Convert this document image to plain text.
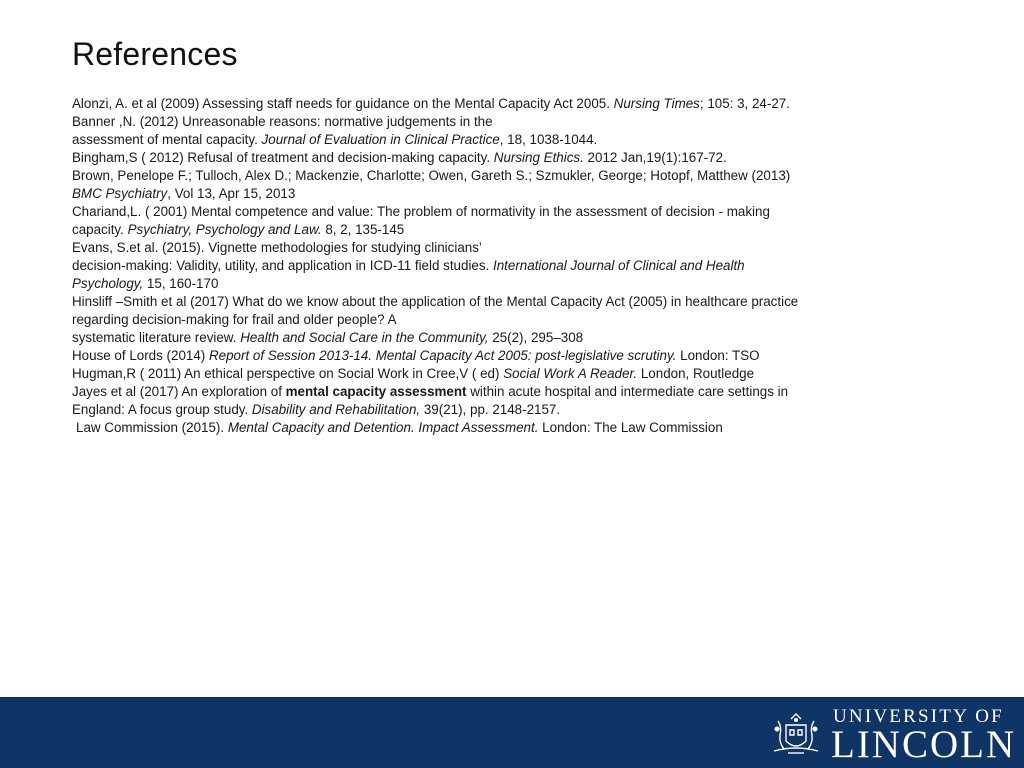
References
Alonzi, A. et al (2009) Assessing staff needs for guidance on the Mental Capacity Act 2005. Nursing Times; 105: 3, 24-27.
Banner ,N. (2012) Unreasonable reasons: normative judgements in the
assessment of mental capacity. Journal of Evaluation in Clinical Practice, 18, 1038-1044.
Bingham,S ( 2012) Refusal of treatment and decision-making capacity. Nursing Ethics. 2012 Jan,19(1):167-72.
Brown, Penelope F.; Tulloch, Alex D.; Mackenzie, Charlotte; Owen, Gareth S.; Szmukler, George; Hotopf, Matthew (2013)
BMC Psychiatry, Vol 13, Apr 15, 2013
Chariand,L. ( 2001) Mental competence and value: The problem of normativity in the assessment of decision - making
capacity. Psychiatry, Psychology and Law. 8, 2, 135-145
Evans, S.et al. (2015). Vignette methodologies for studying clinicians’
decision-making: Validity, utility, and application in ICD-11 field studies. International Journal of Clinical and Health
Psychology, 15, 160-170
Hinsliff –Smith et al (2017) What do we know about the application of the Mental Capacity Act (2005) in healthcare practice
regarding decision-making for frail and older people? A
systematic literature review. Health and Social Care in the Community, 25(2), 295–308
House of Lords (2014) Report of Session 2013-14. Mental Capacity Act 2005: post-legislative scrutiny. London: TSO
Hugman,R ( 2011) An ethical perspective on Social Work in Cree,V ( ed) Social Work A Reader. London, Routledge
Jayes et al (2017) An exploration of mental capacity assessment within acute hospital and intermediate care settings in
England: A focus group study. Disability and Rehabilitation, 39(21), pp. 2148-2157.
Law Commission (2015). Mental Capacity and Detention. Impact Assessment. London: The Law Commission
UNIVERSITY OF
LINCOLN
